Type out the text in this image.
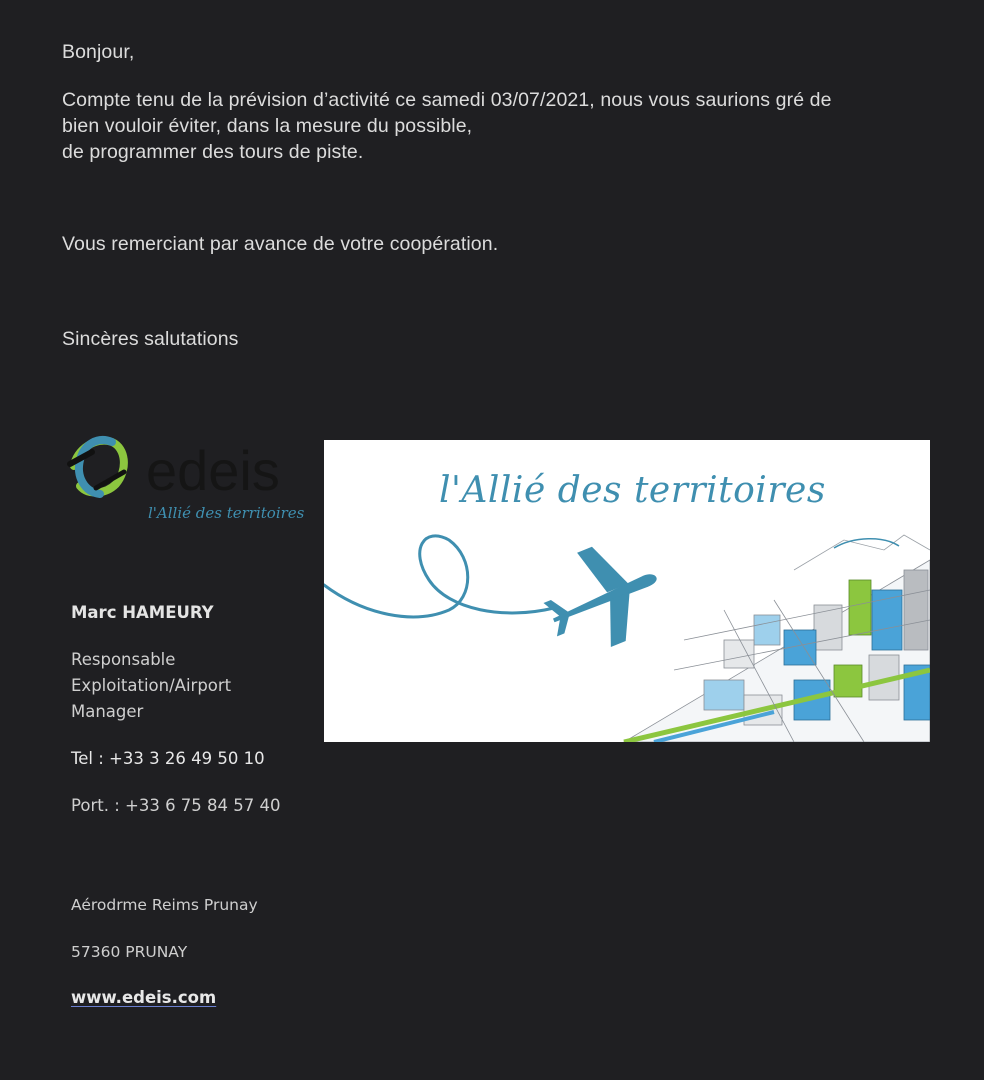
Bonjour,
Compte tenu de la prévision d’activité ce samedi 03/07/2021, nous vous saurions gré de
bien vouloir éviter, dans la mesure du possible,
de programmer des tours de piste.
Vous remerciant par avance de votre coopération.
Sincères salutations
edeis
l'Allié des territoires
l'Allié des territoires
Marc HAMEURY
Responsable
Exploitation/Airport
Manager
Tel : +33 3 26 49 50 10
Port. : +33 6 75 84 57 40
Aérodrme Reims Prunay
57360 PRUNAY
www.edeis.com
